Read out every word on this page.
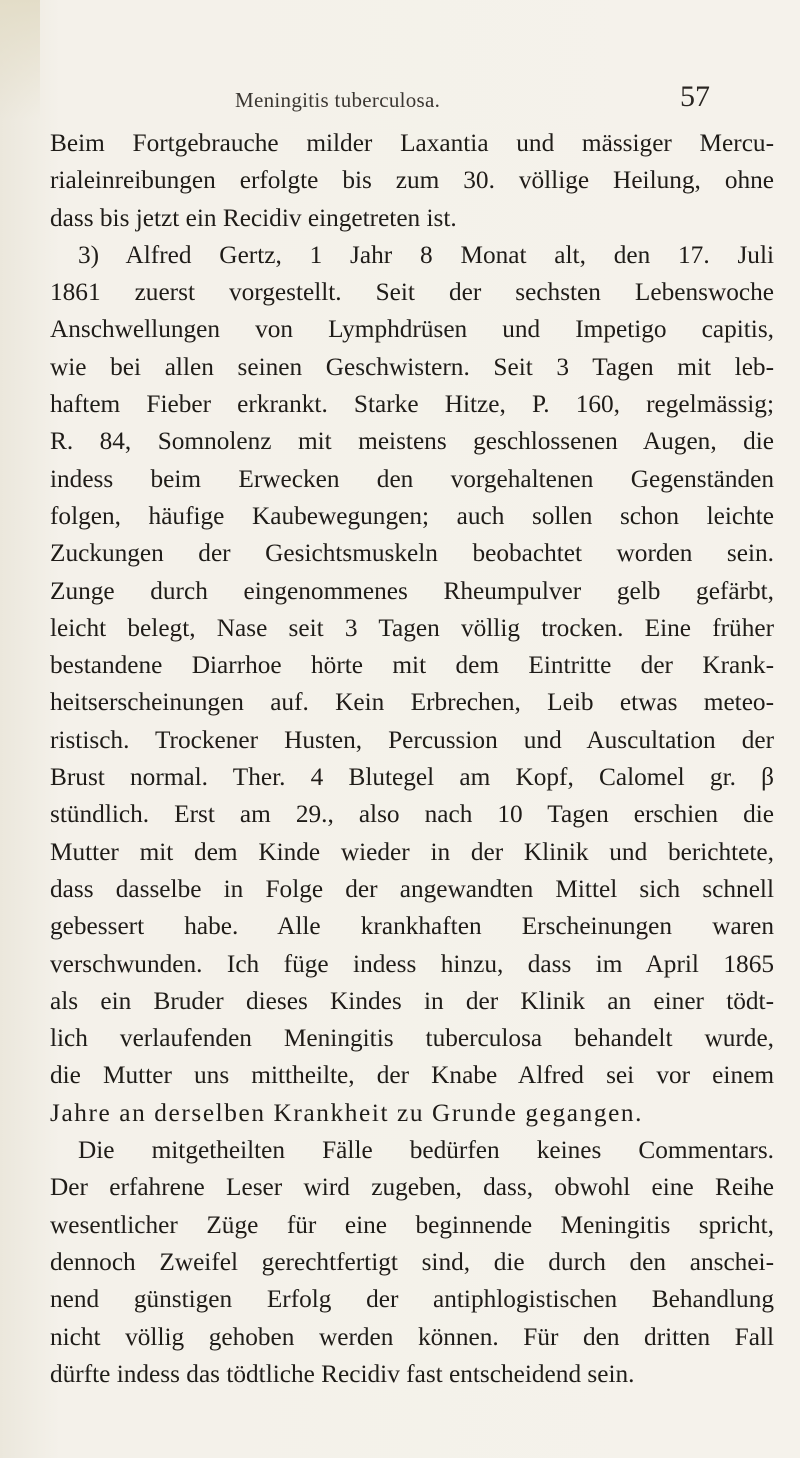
Meningitis tuberculosa.	57
Beim Fortgebrauche milder Laxantia und mässiger Mercu-
rialeinreibungen erfolgte bis zum 30. völlige Heilung, ohne
dass bis jetzt ein Recidiv eingetreten ist.
3) Alfred Gertz, 1 Jahr 8 Monat alt, den 17. Juli
1861 zuerst vorgestellt. Seit der sechsten Lebenswoche
Anschwellungen von Lymphdrüsen und Impetigo capitis,
wie bei allen seinen Geschwistern. Seit 3 Tagen mit leb-
haftem Fieber erkrankt. Starke Hitze, P. 160, regelmässig;
R. 84, Somnolenz mit meistens geschlossenen Augen, die
indess beim Erwecken den vorgehaltenen Gegenständen
folgen, häufige Kaubewegungen; auch sollen schon leichte
Zuckungen der Gesichtsmuskeln beobachtet worden sein.
Zunge durch eingenommenes Rheumpulver gelb gefärbt,
leicht belegt, Nase seit 3 Tagen völlig trocken. Eine früher
bestandene Diarrhoe hörte mit dem Eintritte der Krank-
heitserscheinungen auf. Kein Erbrechen, Leib etwas meteo-
ristisch. Trockener Husten, Percussion und Auscultation der
Brust normal. Ther. 4 Blutegel am Kopf, Calomel gr. β
stündlich. Erst am 29., also nach 10 Tagen erschien die
Mutter mit dem Kinde wieder in der Klinik und berichtete,
dass dasselbe in Folge der angewandten Mittel sich schnell
gebessert habe. Alle krankhaften Erscheinungen waren
verschwunden. Ich füge indess hinzu, dass im April 1865
als ein Bruder dieses Kindes in der Klinik an einer tödt-
lich verlaufenden Meningitis tuberculosa behandelt wurde,
die Mutter uns mittheilte, der Knabe Alfred sei vor einem
Jahre an derselben Krankheit zu Grunde gegangen.
Die mitgetheilten Fälle bedürfen keines Commentars.
Der erfahrene Leser wird zugeben, dass, obwohl eine Reihe
wesentlicher Züge für eine beginnende Meningitis spricht,
dennoch Zweifel gerechtfertigt sind, die durch den anschei-
nend günstigen Erfolg der antiphlogistischen Behandlung
nicht völlig gehoben werden können. Für den dritten Fall
dürfte indess das tödtliche Recidiv fast entscheidend sein.
